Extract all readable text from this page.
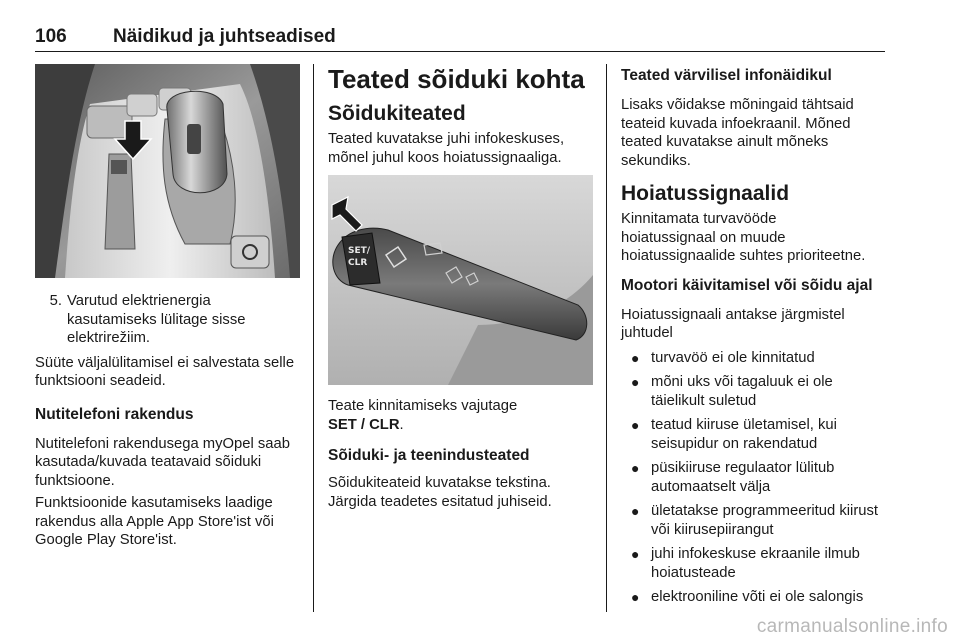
106 Näidikud ja juhtseadised
5. Varutud elektrienergia kasutamiseks lülitage sisse elektrirežiim.

Süüte väljalülitamisel ei salvestata selle funktsiooni seadeid.

Nutitelefoni rakendus

Nutitelefoni rakendusega myOpel saab kasutada/kuvada teatavaid sõiduki funktsioone.

Funktsioonide kasutamiseks laadige rakendus alla Apple App Store'ist või Google Play Store'ist.

Teated sõiduki kohta

Sõidukiteated

Teated kuvatakse juhi infokeskuses, mõnel juhul koos hoiatussignaaliga.

SET/
CLR

Teate kinnitamiseks vajutage
SET / CLR.

Sõiduki- ja teenindusteated

Sõidukiteateid kuvatakse tekstina. Järgida teadetes esitatud juhiseid.

Teated värvilisel infonäidikul

Lisaks võidakse mõningaid tähtsaid teateid kuvada infoekraanil. Mõned teated kuvatakse ainult mõneks sekundiks.

Hoiatussignaalid

Kinnitamata turvavööde
hoiatussignaal on muude
hoiatussignaalide suhtes prioriteetne.

Mootori käivitamisel või sõidu ajal

Hoiatussignaali antakse järgmistel juhtudel

● turvavöö ei ole kinnitatud

● mõni uks või tagaluuk ei ole täielikult suletud

● teatud kiiruse ületamisel, kui seisupidur on rakendatud

● püsikiiruse regulaator lülitub automaatselt välja

● ületatakse programmeeritud kiirust või kiirusepiirangut

● juhi infokeskuse ekraanile ilmub hoiatusteade

● elektrooniline võti ei ole salongis

carmanualsonline.info
